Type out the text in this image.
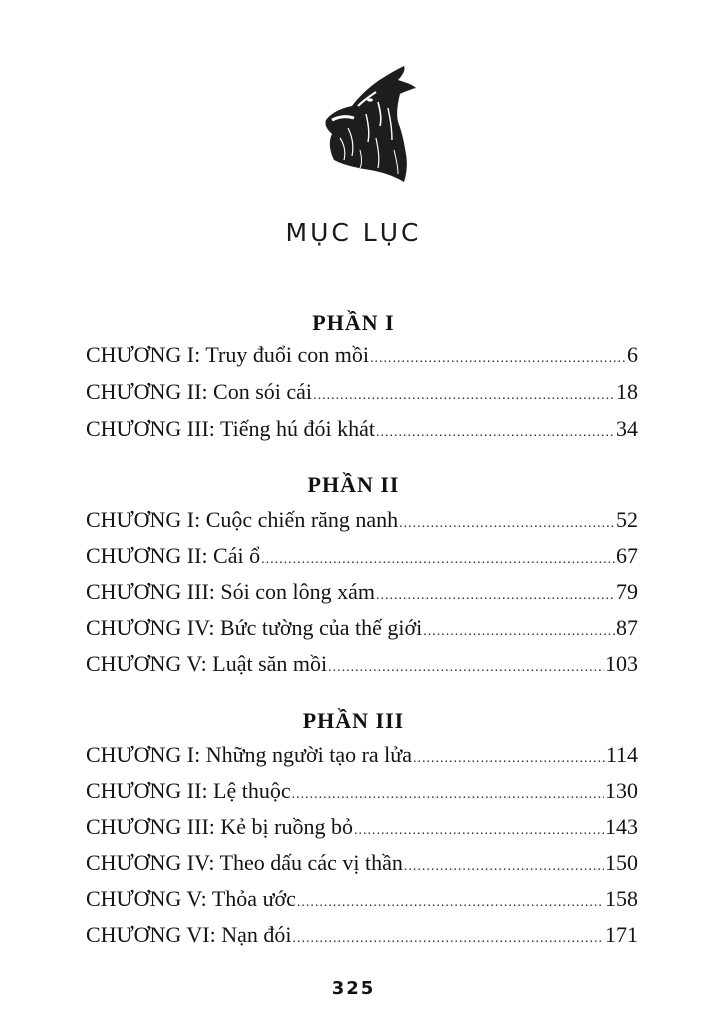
MỤC LỤC
PHẦN I
CHƯƠNG I: Truy đuổi con mồi .....	6
CHƯƠNG II: Con sói cái .....	18
CHƯƠNG III: Tiếng hú đói khát .....	34
PHẦN II
CHƯƠNG I: Cuộc chiến răng nanh .....	52
CHƯƠNG II: Cái ổ .....	67
CHƯƠNG III: Sói con lông xám .....	79
CHƯƠNG IV: Bức tường của thế giới .....	87
CHƯƠNG V: Luật săn mồi .....	103
PHẦN III
CHƯƠNG I: Những người tạo ra lửa .....	114
CHƯƠNG II: Lệ thuộc .....	130
CHƯƠNG III: Kẻ bị ruồng bỏ .....	143
CHƯƠNG IV: Theo dấu các vị thần .....	150
CHƯƠNG V: Thỏa ước .....	158
CHƯƠNG VI: Nạn đói .....	171
325
